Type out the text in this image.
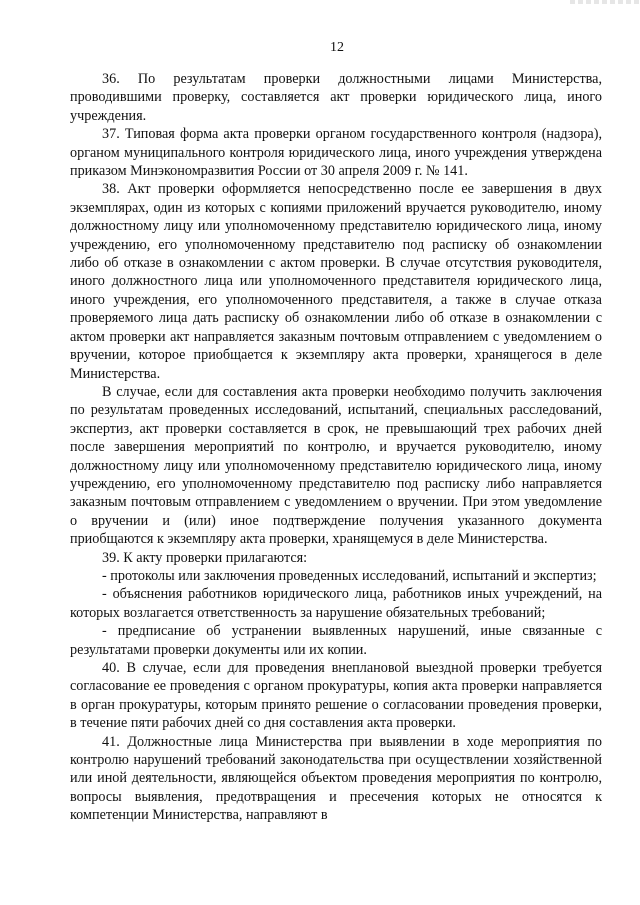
12

36. По результатам проверки должностными лицами Министерства, проводившими проверку, составляется акт проверки юридического лица, иного учреждения.

37. Типовая форма акта проверки органом государственного контроля (надзора), органом муниципального контроля юридического лица, иного учреждения утверждена приказом Минэкономразвития России от 30 апреля 2009 г. № 141.

38. Акт проверки оформляется непосредственно после ее завершения в двух экземплярах, один из которых с копиями приложений вручается руководителю, иному должностному лицу или уполномоченному представителю юридического лица, иному учреждению, его уполномоченному представителю под расписку об ознакомлении либо об отказе в ознакомлении с актом проверки. В случае отсутствия руководителя, иного должностного лица или уполномоченного представителя юридического лица, иного учреждения, его уполномоченного представителя, а также в случае отказа проверяемого лица дать расписку об ознакомлении либо об отказе в ознакомлении с актом проверки акт направляется заказным почтовым отправлением с уведомлением о вручении, которое приобщается к экземпляру акта проверки, хранящегося в деле Министерства.

В случае, если для составления акта проверки необходимо получить заключения по результатам проведенных исследований, испытаний, специальных расследований, экспертиз, акт проверки составляется в срок, не превышающий трех рабочих дней после завершения мероприятий по контролю, и вручается руководителю, иному должностному лицу или уполномоченному представителю юридического лица, иному учреждению, его уполномоченному представителю под расписку либо направляется заказным почтовым отправлением с уведомлением о вручении. При этом уведомление о вручении и (или) иное подтверждение получения указанного документа приобщаются к экземпляру акта проверки, хранящемуся в деле Министерства.

39. К акту проверки прилагаются:

- протоколы или заключения проведенных исследований, испытаний и экспертиз;

- объяснения работников юридического лица, работников иных учреждений, на которых возлагается ответственность за нарушение обязательных требований;

- предписание об устранении выявленных нарушений, иные связанные с результатами проверки документы или их копии.

40. В случае, если для проведения внеплановой выездной проверки требуется согласование ее проведения с органом прокуратуры, копия акта проверки направляется в орган прокуратуры, которым принято решение о согласовании проведения проверки, в течение пяти рабочих дней со дня составления акта проверки.

41. Должностные лица Министерства при выявлении в ходе мероприятия по контролю нарушений требований законодательства при осуществлении хозяйственной или иной деятельности, являющейся объектом проведения мероприятия по контролю, вопросы выявления, предотвращения и пресечения которых не относятся к компетенции Министерства, направляют в
